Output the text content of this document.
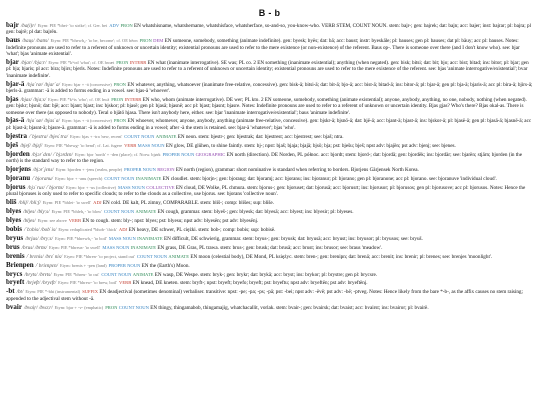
B - b
bajr /ba(i)r/ Etym: PIE *bhei- 'to strike'; cf. Ger. bei ADV PRON EN whatshisname, whatshername, whatshisface, whatsherface, so-and-so, you-know-who. VERB STEM, COUNT NOUN. stem: bajr-; gen: bajrek; dat: bajn; acc: bajer; inst: bajrar; pl: bajra; pl gen: bajrë; pl dat: bajrën.
baus /bau̯s/ /baʊs/ Etym: PIE *bhewh₂- 'to be, become'; cf. OE bēon PRON DEM EN someone, somebody, something (animate indefinite). gen: byesk; byës; dat: bä; acc: baust; instr: byeskäle; pl: bauses; gen pl: bauses; dat pl: bäuy; acc pl: bauses. Notes: Indefinite pronouns are used to refer to a referent of unknown or uncertain identity; existential pronouns are used to refer to the mere existence (or non-existence) of the referent. Baus op-. There is someone over there (and I don't know who). see: bjar 'what'; bjas 'animate existential'.
bjar /bjar/ /bjaːr/ Etym: PIE *kʷod 'what'; cf. OE hwæt PRON INTERR EN what (inanimate interrogative). SE was; PL co. 2 EN something (inanimate existential); anything (when negated). gen: bisk; bitsi; dat: bit; bjo; acc: bist; bitad; ins: bitor; pl: bjar; gen pl: bja; bjaris; pl acc: bira; bjirs; bjerls. Notes: Indefinite pronouns are used to refer to a referent of unknown or uncertain identity; existential pronouns are used to refer to the mere existence of the referent. see: bjas 'animate interrogative/existential'; bvar 'inanimate indefinite'.
bjar-ä /bjaˈræ/ /bjarˈa/ Etym: bjar + -ä (concessive) PRON EN whatever, anything, whatsoever (inanimate free-relative, concessive). gen: bisk-ä; bitsi-ä; dat: bit-ä; bjo-ä; acc: bist-ä; bitad-ä; ins: bitor-ä; pl: bjar-ä; gen pl: bja-ä; bjaris-ä; acc pl: bira-ä; bjirs-ä; bjerls-ä. grammar: -ä is added to forms ending in a vowel. see: bjas-ä 'whoever'.
bjas /bjas/ /bjaːs/ Etym: PIE *kʷis 'who'; cf. OE hwā PRON INTERR EN who, whom (animate interrogative). DE wer; PL kto. 2 EN someone, somebody, something (animate existential); anyone, anybody, anything, no one, nobody, nothing (when negated). gen: bjskr; bjsnö; dat: bjë; acc: bjant; bjast; ins: bjskor; pl: bjasë; gen pl: bjasä; bjasnë; acc pl: bjast; bjasnt; bjasre. Notes: Indefinite pronouns are used to refer to a referent of unknown or uncertain identity. Bjas gjas? Who's there? Bjas okal-as. There is someone over there (as opposed to nobody). Teral o bjätö hjasa. There isn't anybody here, either. see: bjar 'inanimate interrogative/existential'; baus 'animate indefinite'.
bjas-ä /bjaˈsæ/ /bjasˈa/ Etym: bjas + -ä (concessive) PRON EN whoever, whomever, anyone, anybody, anything (animate free-relative, concessive). gen: bjskr-ä; bjsnö-ä; dat: bjë-ä; acc: bjant-ä; bjast-ä; ins: bjskor-ä; pl: bjasë-ä; gen pl: bjasä-ä; bjasnë-ä; acc pl: bjast-ä; bjasnt-ä; bjasre-ä. grammar: -ä is added to forms ending in a vowel; after -ä the stem is retained. see: bjar-ä 'whatever'; bjas 'who'.
bjestra /ˈbjestra/ /bjesˈtra/ Etym: bjas + -tra 'new, recent' COUNT NOUN ANIMATE EN neon. stem: bjestr-; gen: bjestrak; dat: bjestrest; acc: bjestrest; see: bjaš; ntra.
bješ /bjeʃ/ /bjɛʃ/ Etym: PIE *bhewg- 'to bend'; cf. Lat. fugere VERB MASS NOUN EN glow, DE glühen, to shine faintly. stem: bj-; npst: bjaš; bjaja; bjajä; bjsö; bja; pst: bješu; bješ; npst adv: bjajën; pst adv: bjenj; see: bjenes.
bjorden /bjɔrˈdɛn/ /ˈbjɔrdɛn/ Etym: bjor 'north' + -den (place); cf. Norw. bjørk PROPER NOUN GEOGRAPHIC EN north (direction). DE Norden, PL północ. acc: bjordt; stem: bjord-; dat: bjordä; gen: bjordëk; ins: bjordär; see: bjarën; stjärn; bjorden (in the north) is the standard way to refer to the region.
bjorjens /bjɔrˈjɛns/ Etym: bjorden + -jens (realm, people) PROPER NOUN REGION EN north (region), grammar: short nominative is standard when referring to borders. Bjorjens Gärjensek North Korea.
bjoranu /ˈbjoranu/ Etym: bjor + -anu (speech) COUNT NOUN INANIMATE EN cloudlet. stem: bjorjn-; gen: bjorang; dat: bjoramj; acc: bjoranu; ins: bjoranur; pl: bjorano; gen pl: bjoranone; acc pl: bjorano. see: bjoranuve 'individual cloud'.
bjorus /bjɔˈrus/ /ˈbjorʊs/ Etym: bjor + -us (collective) MASS NOUN COLLECTIVE EN cloud, DE Wolke, PL chmura. stem: bjorus-; gen: bjoruset; dat: bjorusä; acc: bjorusrt; ins: bjorusor; pl: bjorusos; gen pl: bjorusove; acc pl: bjorusos. Notes: Hence the plural bjoruses is only used to refer to specific clouds; to refer to the clouds as a collective, use bjorus. see: bjorans 'collective noun'.
bliš /bliʃ/ /bliːʃ/ Etym: PIE *bhlei- 'to swell' ADJ EN cold. DE kalt, PL zimny, COMPARABLE. stem: bliš-; comp: blišes; sup: bliše.
blyes /bljes/ /blyːs/ Etym: PIE *bhleh₁- 'to blow' COUNT NOUN ANIMATE EN cough, grammar. stem: blyeš-; gen: blyesk; dat: blyesä; acc: blyest; ins: blyesir; pl: blyeses.
blyes /bljes/ Etym: see above VERB EN to cough. stem: bly-; npst: blyes; pst: blyesu; npst adv: blyesën; pst adv: blyesënj.
bobis /ˈbɔbis/ /bobˈis/ Etym: reduplicated *bhob- 'thick' ADJ EN heavy, DE schwer, PL ciężki. stem: bob-; comp: bobis; sup: bobisë.
bryus /brjus/ /bryːs/ Etym: PIE *bhrewh₁- 'to boil' MASS NOUN INANIMATE EN difficult, DE schwierig, grammar. stem: bryus-; gen: bryusk; dat: bryusä; acc: bryust; ins: bryusor; pl: bryusos; see: bryuš.
brus /brus/ /brʊs/ Etym: PIE *bhreus- 'to swell' MASS NOUN INANIMATE EN grass, DE Gras, PL trawa. stem: brus-; gen: brusk; dat: brusä; acc: brust; ins: brusor; see: braus 'meadow'.
brenis /ˈbrɛnis/ /brɛˈnis/ Etym: PIE *bhren- 'to project, stand out' COUNT NOUN ANIMATE EN moon (celestial body), DE Mond, PL księżyc. stem: bren-; gen: brenipn; dat: brenä; acc: brenit; ins: brenir; pl: brenes; see: brenjes 'moonlight'.
Brienpen /ˈbriɛnpɛn/ Etym: brenis + -pen (land) PROPER NOUN EN the (Earth's) Moon.
brycs /bryts/ /brʏts/ Etym: PIE *bhreu- 'to cut' COUNT NOUN ANIMATE EN wasp, DE Wespe. stem: bryk-; gen: brykr; dat: brykä; acc: bryst; ins: brykor; pl: brystre; gen pl: brycsre.
bryeft /brjeft/ /bryɛft/ Etym: PIE *bhrew- 'to brew, boil' VERB EN knead, DE kneten. stem: bryft-; npst: bryeft; bryefo; bryeft; pst: bryeftu; npst adv: bryeftën; pst adv: bryeftënj.
-bt /bt/ Etym: PIE *-bhi (instrumental) SUFFIX EN deadjectival (sometimes denominal) verbaliser. transitive: npst: -pe; -pa; -ps; -pä; pst: -bei; npst adv: -ëvë; pst adv: -bë; -ptveg. Notes: Hence likely from the bare *-b-, as the affix causes no stem raising; appended to the adjectival stem without -ä.
bvair /bvai̯r/ /bvaːr/ Etym: bjar + -v- (emphatic) PRON COUNT NOUN EN thingy, thingamabob, thingamajig, whatchacallit, vorlak. stem: bvair-; gen: bvairsk; dat: bvaist; acc: bvairst; ins: bvairor; pl: bvairë.
